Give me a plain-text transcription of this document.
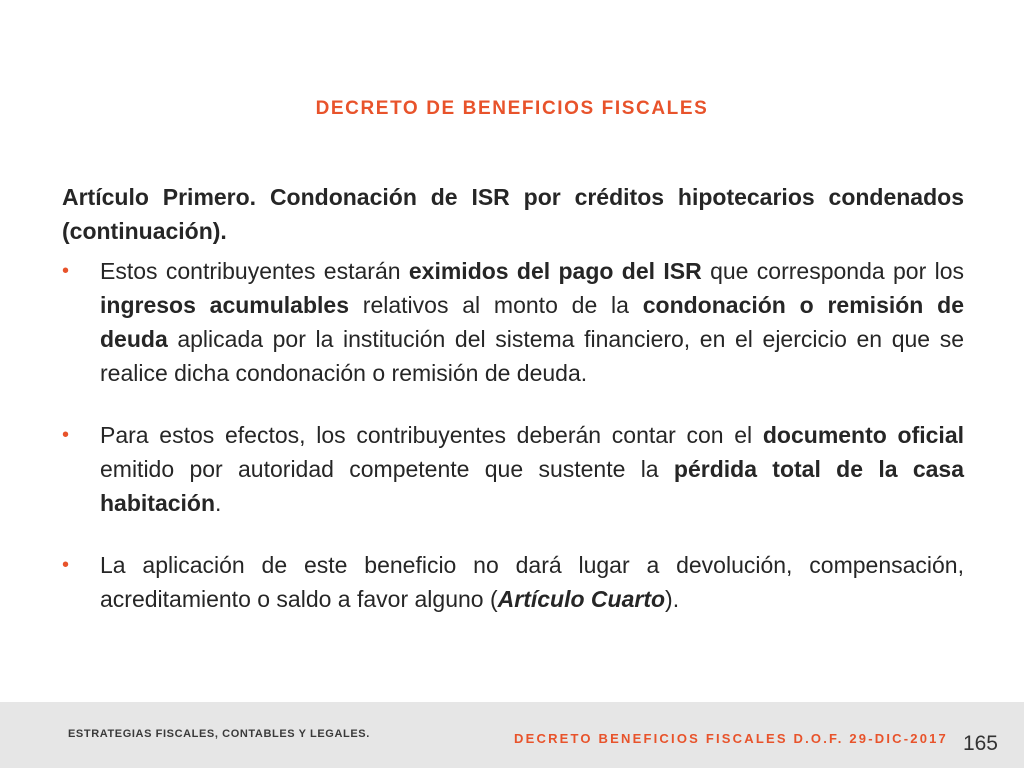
DECRETO DE BENEFICIOS FISCALES

Artículo Primero. Condonación de ISR por créditos hipotecarios condenados (continuación).

• Estos contribuyentes estarán eximidos del pago del ISR que corresponda por los ingresos acumulables relativos al monto de la condonación o remisión de deuda aplicada por la institución del sistema financiero, en el ejercicio en que se realice dicha condonación o remisión de deuda.
• Para estos efectos, los contribuyentes deberán contar con el documento oficial emitido por autoridad competente que sustente la pérdida total de la casa habitación.
• La aplicación de este beneficio no dará lugar a devolución, compensación, acreditamiento o saldo a favor alguno (Artículo Cuarto).
ESTRATEGIAS FISCALES, CONTABLES Y LEGALES.	DECRETO BENEFICIOS FISCALES D.O.F. 29-DIC-2017 165
